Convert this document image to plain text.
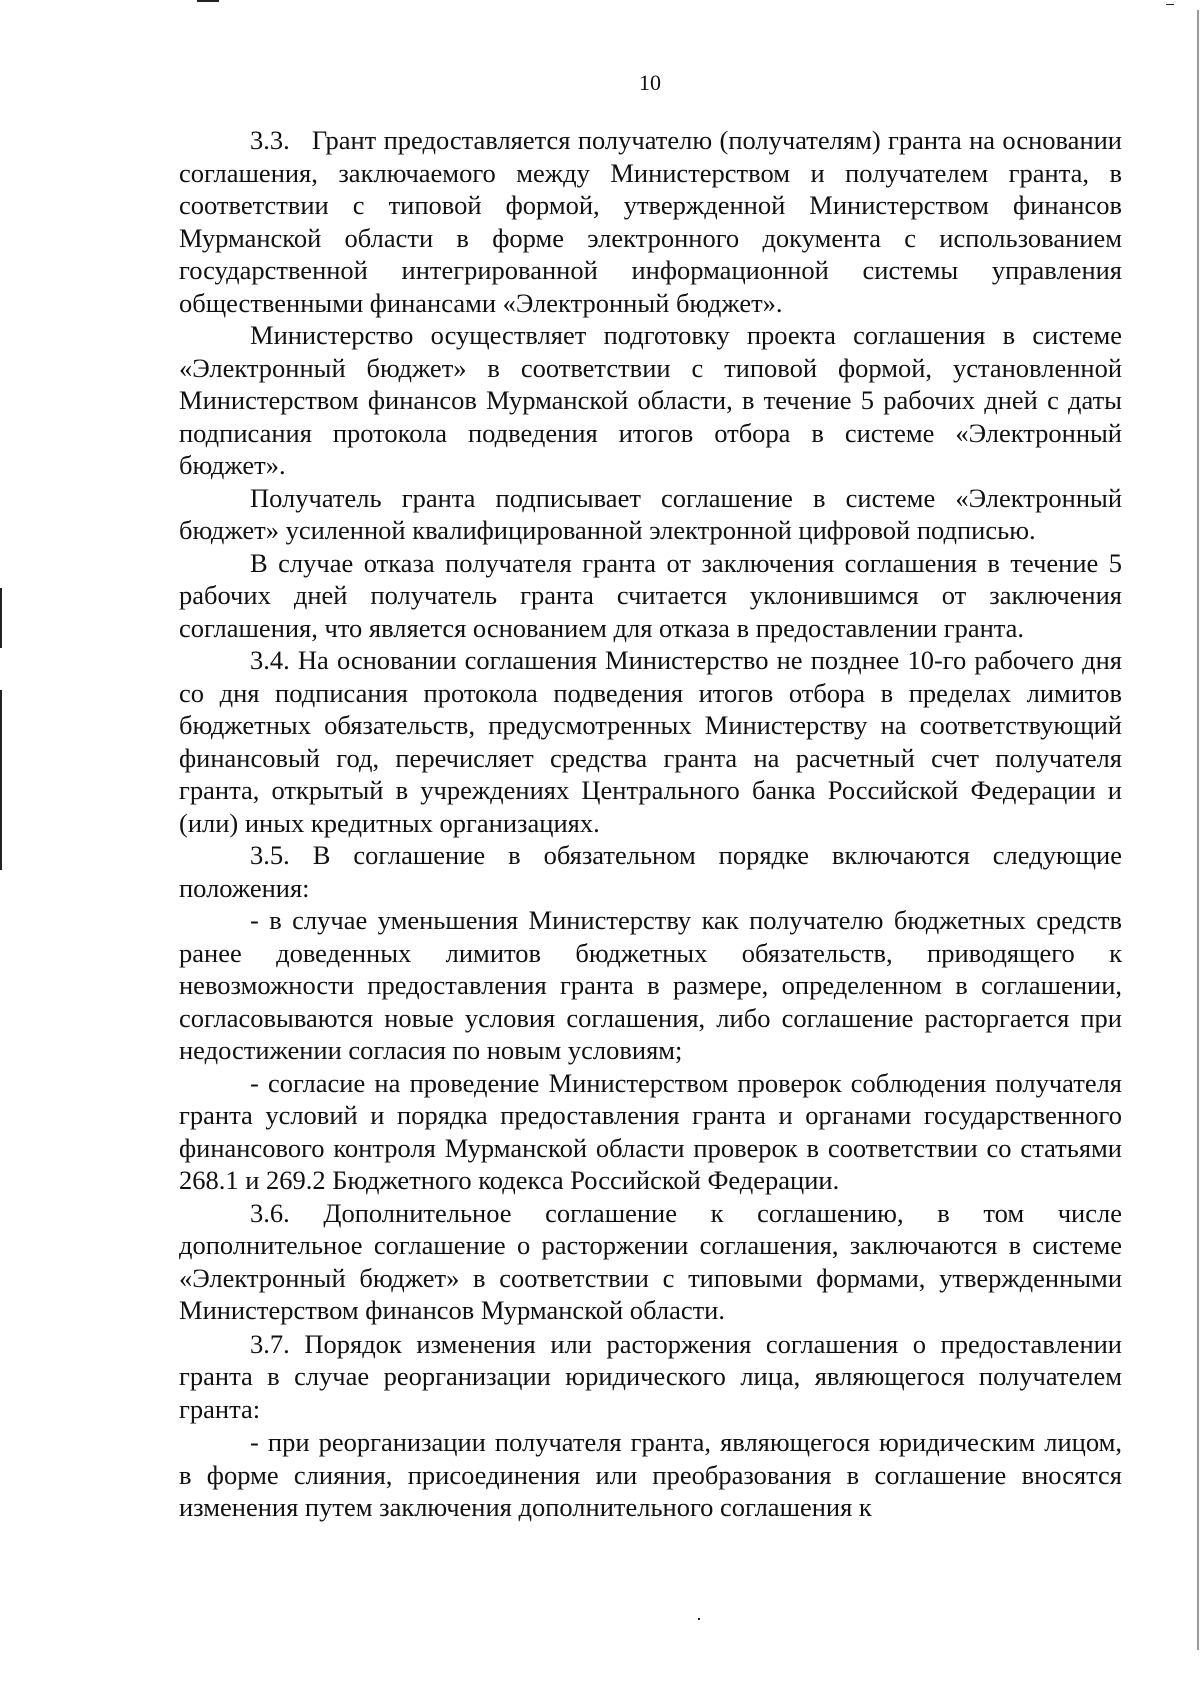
10

3.3.   Грант предоставляется получателю (получателям) гранта на основании соглашения, заключаемого между Министерством и получателем гранта, в соответствии с типовой формой, утвержденной Министерством финансов Мурманской области в форме электронного документа с использованием государственной интегрированной информационной системы управления общественными финансами «Электронный бюджет».

Министерство осуществляет подготовку проекта соглашения в системе «Электронный бюджет» в соответствии с типовой формой, установленной Министерством финансов Мурманской области, в течение 5 рабочих дней с даты подписания протокола подведения итогов отбора в системе «Электронный бюджет».

Получатель гранта подписывает соглашение в системе «Электронный бюджет» усиленной квалифицированной электронной цифровой подписью.

В случае отказа получателя гранта от заключения соглашения в течение 5 рабочих дней получатель гранта считается уклонившимся от заключения соглашения, что является основанием для отказа в предоставлении гранта.

3.4. На основании соглашения Министерство не позднее 10-го рабочего дня со дня подписания протокола подведения итогов отбора в пределах лимитов бюджетных обязательств, предусмотренных Министерству на соответствующий финансовый год, перечисляет средства гранта на расчетный счет получателя гранта, открытый в учреждениях Центрального банка Российской Федерации и (или) иных кредитных организациях.

3.5. В соглашение в обязательном порядке включаются следующие положения:

- в случае уменьшения Министерству как получателю бюджетных средств ранее доведенных лимитов бюджетных обязательств, приводящего к невозможности предоставления гранта в размере, определенном в соглашении, согласовываются новые условия соглашения, либо соглашение расторгается при недостижении согласия по новым условиям;

- согласие на проведение Министерством проверок соблюдения получателя гранта условий и порядка предоставления гранта и органами государственного финансового контроля Мурманской области проверок в соответствии со статьями 268.1 и 269.2 Бюджетного кодекса Российской Федерации.

3.6. Дополнительное соглашение к соглашению, в том числе дополнительное соглашение о расторжении соглашения, заключаются в системе «Электронный бюджет» в соответствии с типовыми формами, утвержденными Министерством финансов Мурманской области.

3.7. Порядок изменения или расторжения соглашения о предоставлении гранта в случае реорганизации юридического лица, являющегося получателем гранта:

- при реорганизации получателя гранта, являющегося юридическим лицом, в форме слияния, присоединения или преобразования в соглашение вносятся изменения путем заключения дополнительного соглашения к
